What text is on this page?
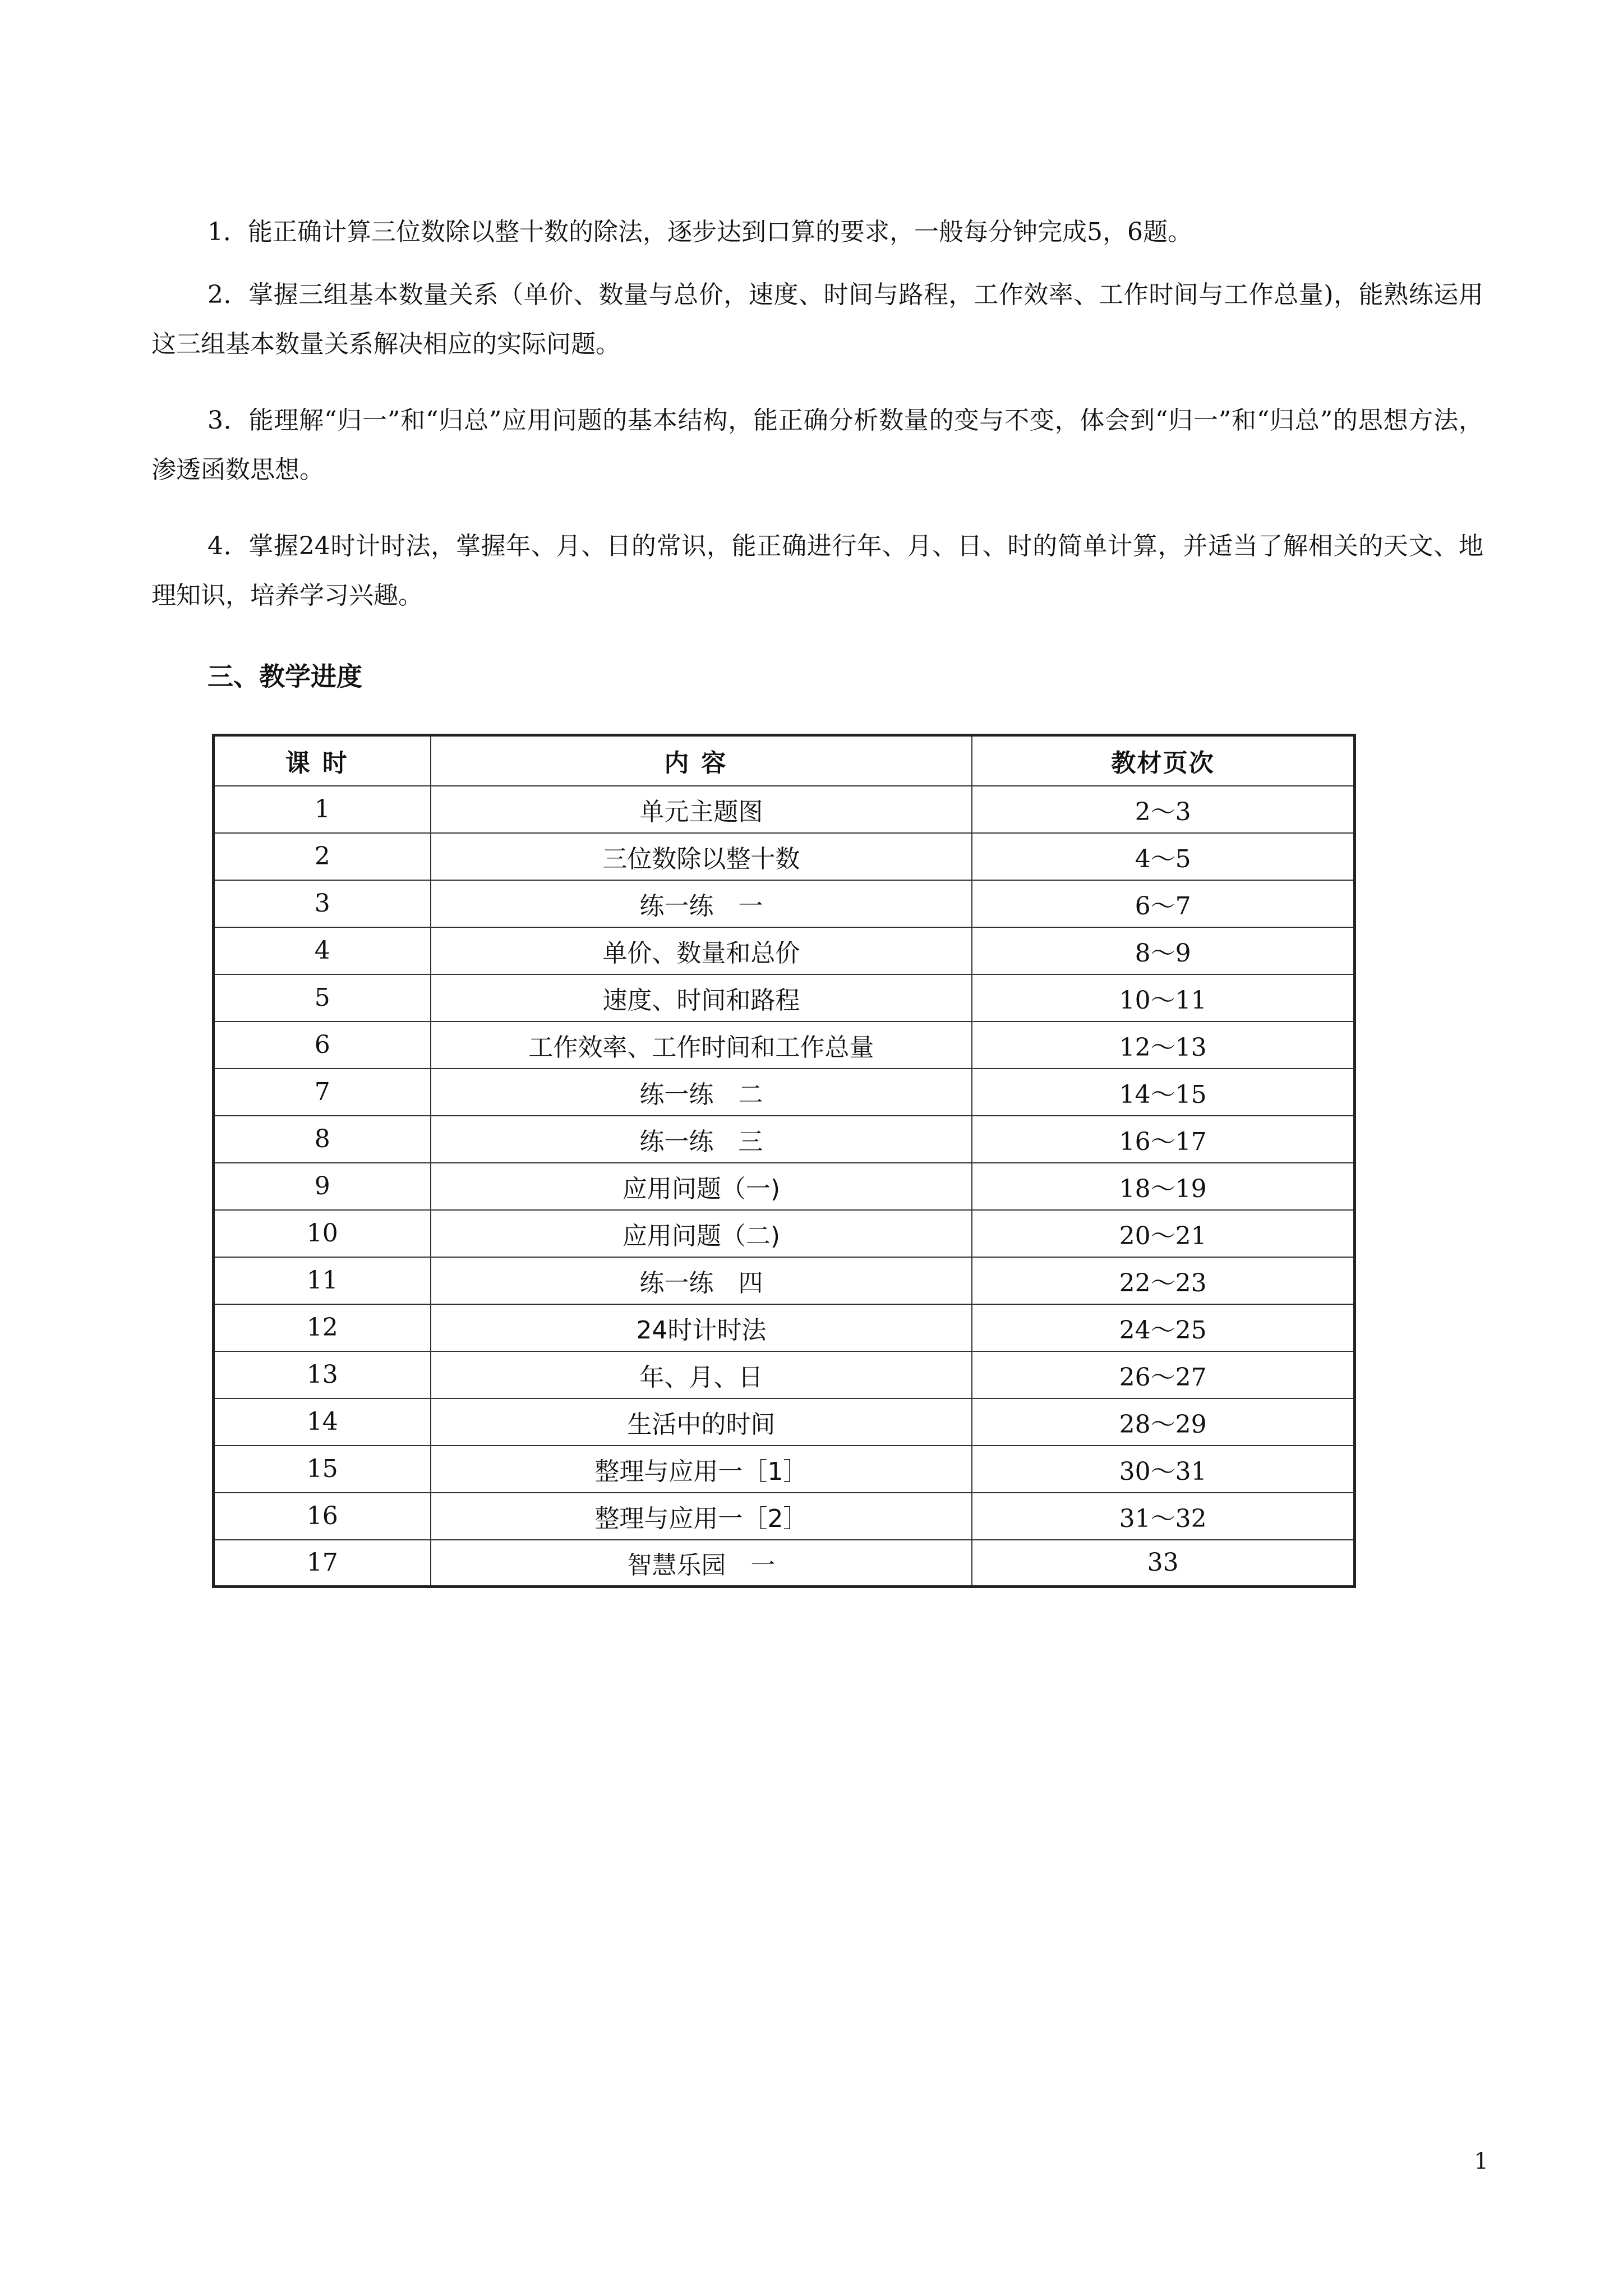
1．能正确计算三位数除以整十数的除法，逐步达到口算的要求，一般每分钟完成5，6题。

2．掌握三组基本数量关系（单价、数量与总价，速度、时间与路程，工作效率、工作时间与工作总量)，能熟练运用这三组基本数量关系解决相应的实际问题。

3．能理解“归一”和“归总”应用问题的基本结构，能正确分析数量的变与不变，体会到“归一”和“归总”的思想方法，渗透函数思想。

4．掌握24时计时法，掌握年、月、日的常识，能正确进行年、月、日、时的简单计算，并适当了解相关的天文、地理知识，培养学习兴趣。

三、教学进度
课时	内容	教材页次
1	单元主题图	2～3
2	三位数除以整十数	4～5
3	练一练　一	6～7
4	单价、数量和总价	8～9
5	速度、时间和路程	10～11
6	工作效率、工作时间和工作总量	12～13
7	练一练　二	14～15
8	练一练　三	16～17
9	应用问题（一)	18～19
10	应用问题（二)	20～21
11	练一练　四	22～23
12	24时计时法	24～25
13	年、月、日	26～27
14	生活中的时间	28～29
15	整理与应用一［1］	30～31
16	整理与应用一［2］	31～32
17	智慧乐园　一	33

1
